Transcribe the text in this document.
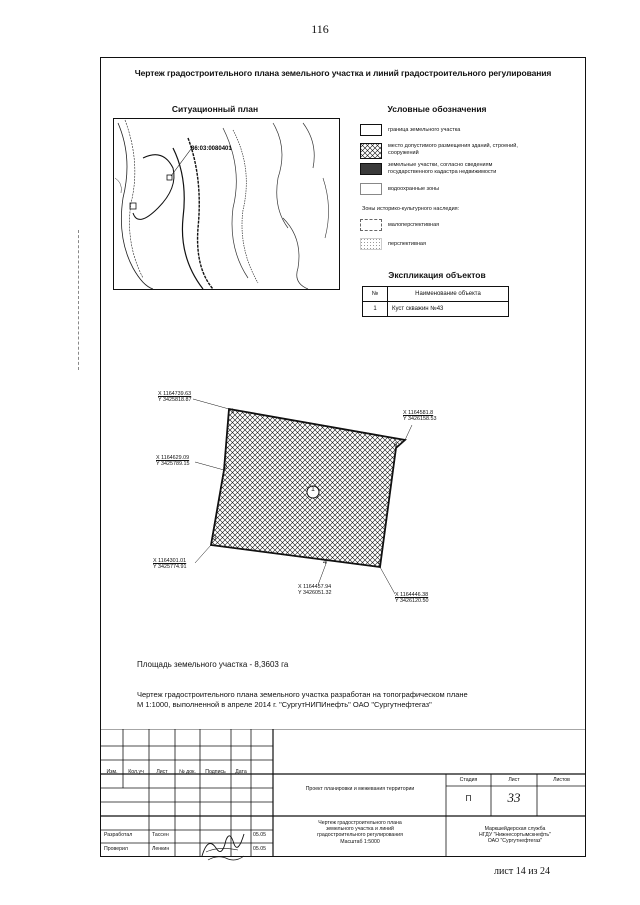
116
Чертеж градостроительного плана земельного участка и линий градостроительного регулирования
Ситуационный план
86:03:0080401
Условные обозначения
граница земельного участка
место допустимого размещения зданий, строений, сооружений
земельные участки, согласно сведениям государственного кадастра недвижимости
водоохранные зоны
Зоны историко-культурного наследия:
малоперспективная
перспективная
Экспликация объектов
№	Наименование объекта
1	Куст скважин №43
1
1
X 1164739.63
Y 3425818.87
2
X 1164629.09
Y 3425789.15
3
X 1164301.01
Y 3425774.91
4
X 1164457.94
Y 3426051.32
5
X 1164446.38
Y 3426120.50
6
X 1164581.8
Y 3426158.53
Площадь земельного участка - 8,3603 га
Чертеж градостроительного плана земельного участка разработан на топографическом плане
М 1:1000, выполненной в апреле 2014 г. "СургутНИПИнефть" ОАО "Сургутнефтегаз"
Изм.	Кол.уч	Лист	№ док.	Подпись	Дата
Проект планировки и межевания территории
Стадия	Лист	Листов
П	33
Чертеж градостроительного плана
земельного участка и линий
градостроительного регулирования
Масштаб 1:5000
Маркшейдерская служба
НГДУ "Нижнесортымскнефть"
ОАО "Сургутнефтегаз"
Разработал	Тассен	05.05
Проверил	Ленкин	05.05
лист 14 из 24
